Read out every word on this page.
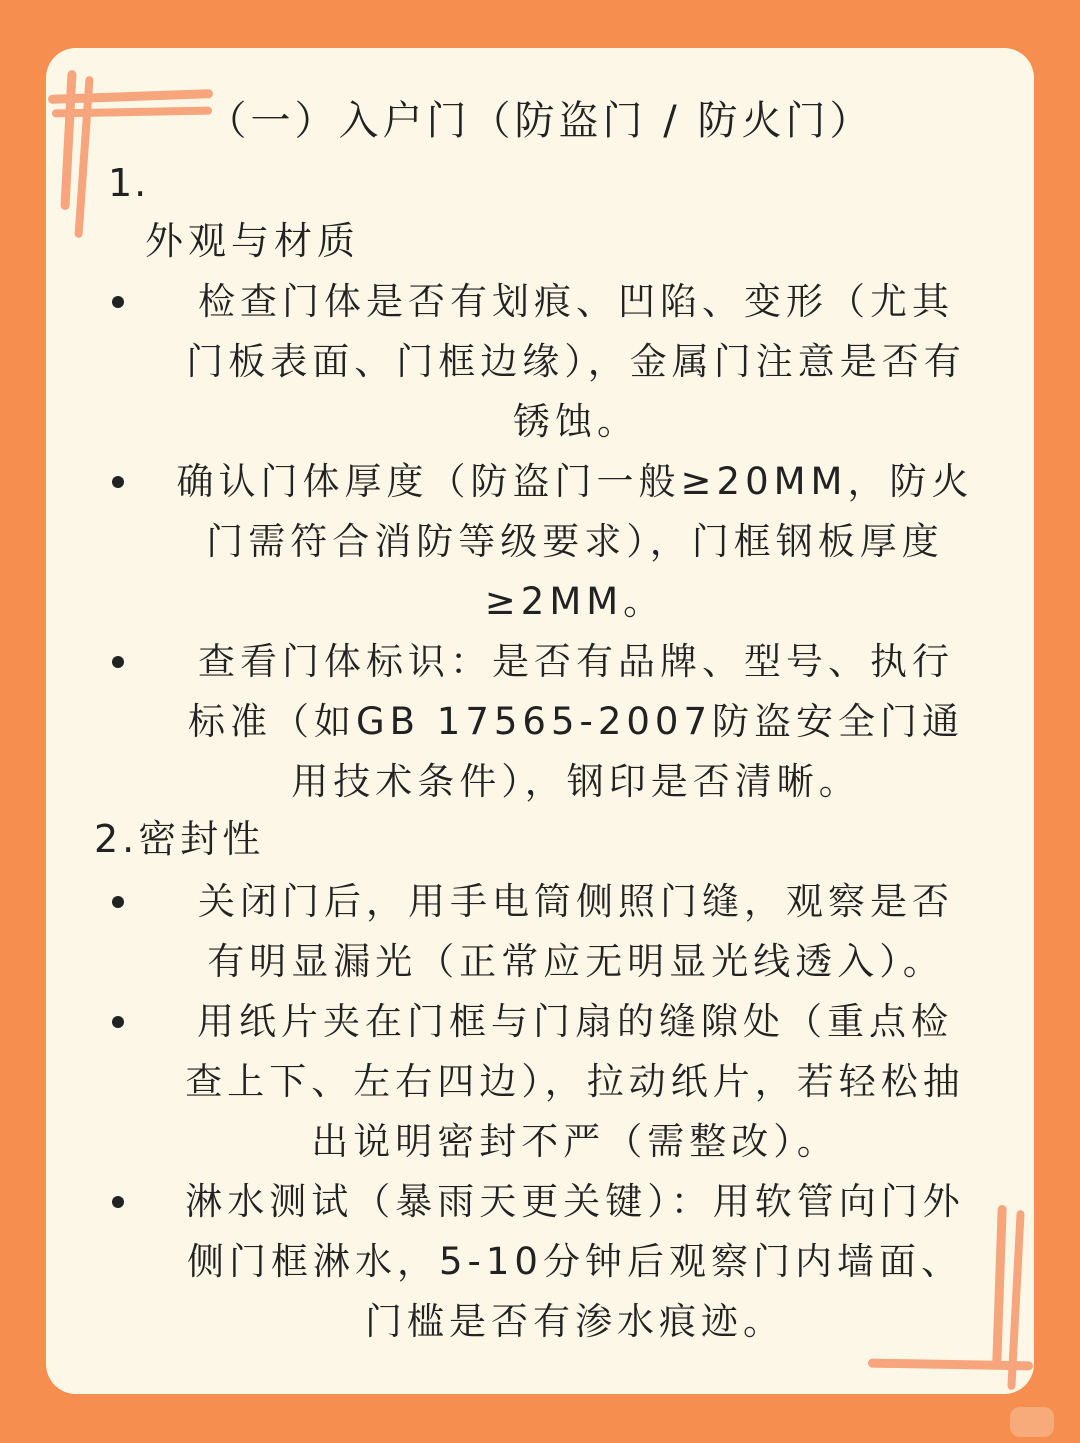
（一）入户门（防盗门 / 防火门）
1.
外观与材质
检查门体是否有划痕、凹陷、变形（尤其
门板表面、门框边缘），金属门注意是否有
锈蚀。
确认门体厚度（防盗门一般≥20MM，防火
门需符合消防等级要求），门框钢板厚度
≥2MM。
查看门体标识：是否有品牌、型号、执行
标准（如GB 17565-2007防盗安全门通
用技术条件），钢印是否清晰。
2.密封性
关闭门后，用手电筒侧照门缝，观察是否
有明显漏光（正常应无明显光线透入）。
用纸片夹在门框与门扇的缝隙处（重点检
查上下、左右四边），拉动纸片，若轻松抽
出说明密封不严（需整改）。
淋水测试（暴雨天更关键）：用软管向门外
侧门框淋水，5-10分钟后观察门内墙面、
门槛是否有渗水痕迹。
